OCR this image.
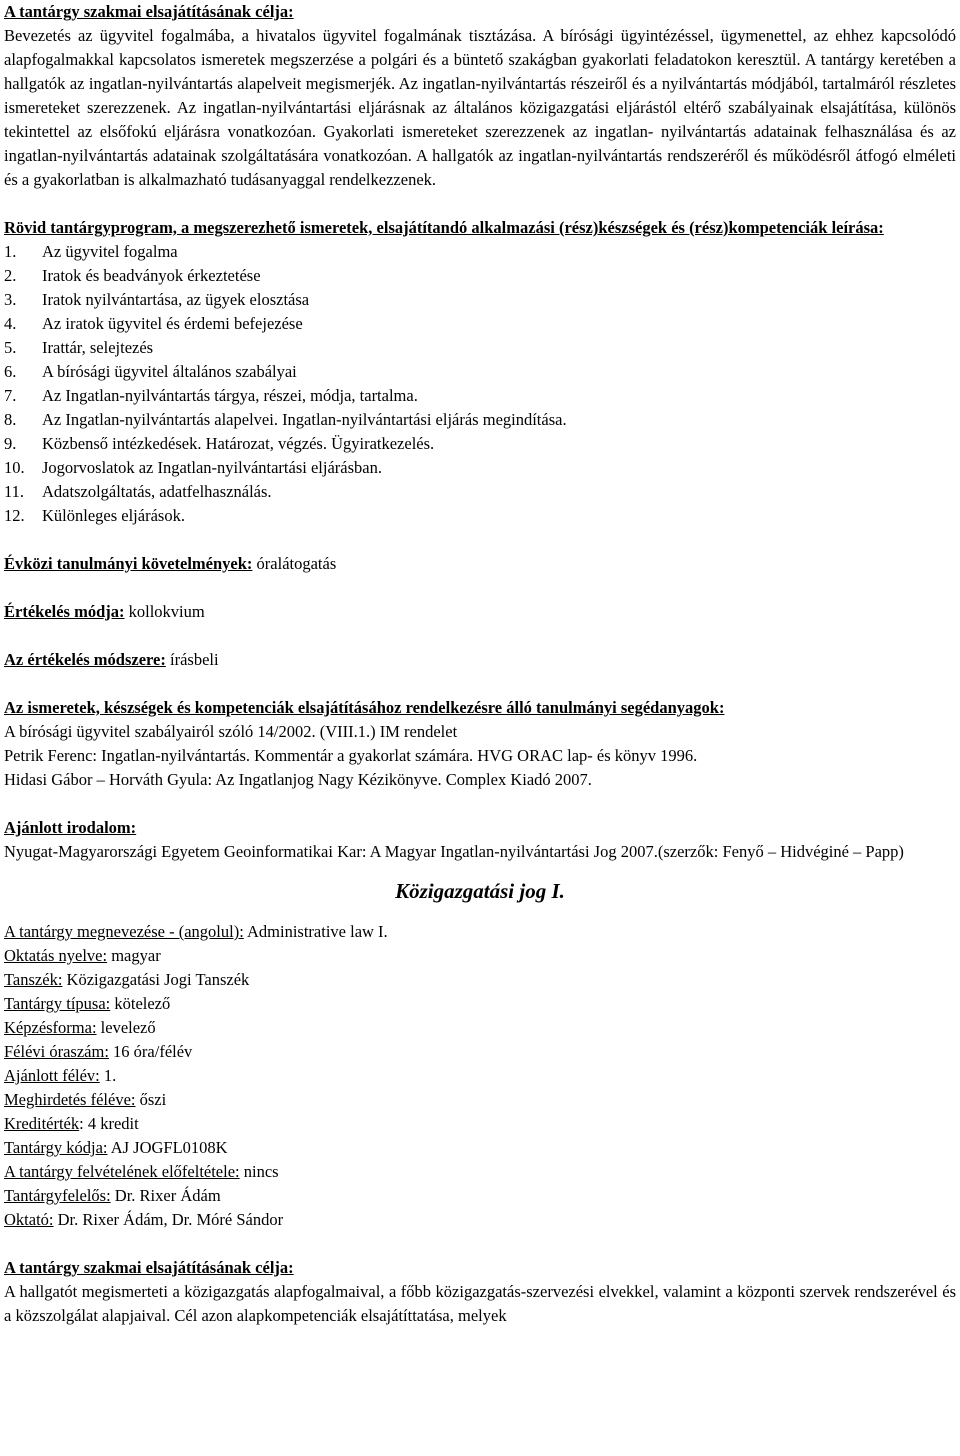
A tantárgy szakmai elsajátításának célja:

Bevezetés az ügyvitel fogalmába, a hivatalos ügyvitel fogalmának tisztázása. A bírósági ügyintézéssel, ügymenettel, az ehhez kapcsolódó alapfogalmakkal kapcsolatos ismeretek megszerzése a polgári és a büntető szakágban gyakorlati feladatokon keresztül. A tantárgy keretében a hallgatók az ingatlan-nyilvántartás alapelveit megismerjék. Az ingatlan-nyilvántartás részeiről és a nyilvántartás módjából, tartalmáról részletes ismereteket szerezzenek. Az ingatlan-nyilvántartási eljárásnak az általános közigazgatási eljárástól eltérő szabályainak elsajátítása, különös tekintettel az elsőfokú eljárásra vonatkozóan. Gyakorlati ismereteket szerezzenek az ingatlan- nyilvántartás adatainak felhasználása és az ingatlan-nyilvántartás adatainak szolgáltatására vonatkozóan. A hallgatók az ingatlan-nyilvántartás rendszeréről és működésről átfogó elméleti és a gyakorlatban is alkalmazható tudásanyaggal rendelkezzenek.

Rövid tantárgyprogram, a megszerezhető ismeretek, elsajátítandó alkalmazási (rész)készségek és (rész)kompetenciák leírása:

1.	Az ügyvitel fogalma
2.	Iratok és beadványok érkeztetése
3.	Iratok nyilvántartása, az ügyek elosztása
4.	Az iratok ügyvitel és érdemi befejezése
5.	Irattár, selejtezés
6.	A bírósági ügyvitel általános szabályai
7.	Az Ingatlan-nyilvántartás tárgya, részei, módja, tartalma.
8.	Az Ingatlan-nyilvántartás alapelvei. Ingatlan-nyilvántartási eljárás megindítása.
9.	Közbenső intézkedések. Határozat, végzés. Ügyiratkezelés.
10.	Jogorvoslatok az Ingatlan-nyilvántartási eljárásban.
11.	Adatszolgáltatás, adatfelhasználás.
12.	Különleges eljárások.

Évközi tanulmányi követelmények: óralátogatás

Értékelés módja: kollokvium

Az értékelés módszere: írásbeli

Az ismeretek, készségek és kompetenciák elsajátításához rendelkezésre álló tanulmányi segédanyagok:

A bírósági ügyvitel szabályairól szóló 14/2002. (VIII.1.) IM rendelet

Petrik Ferenc: Ingatlan-nyilvántartás. Kommentár a gyakorlat számára. HVG ORAC lap- és könyv 1996.

Hidasi Gábor – Horváth Gyula: Az Ingatlanjog Nagy Kézikönyve. Complex Kiadó 2007.

Ajánlott irodalom:

Nyugat-Magyarországi Egyetem Geoinformatikai Kar: A Magyar Ingatlan-nyilvántartási Jog 2007.(szerzők: Fenyő – Hidvéginé – Papp)

Közigazgatási jog I.

A tantárgy megnevezése - (angolul): Administrative law I.

Oktatás nyelve: magyar

Tanszék: Közigazgatási Jogi Tanszék

Tantárgy típusa: kötelező

Képzésforma: levelező

Félévi óraszám: 16 óra/félév

Ajánlott félév: 1.

Meghirdetés féléve: őszi

Kreditérték: 4 kredit

Tantárgy kódja: AJ JOGFL0108K

A tantárgy felvételének előfeltétele: nincs

Tantárgyfelelős: Dr. Rixer Ádám

Oktató: Dr. Rixer Ádám, Dr. Móré Sándor

A tantárgy szakmai elsajátításának célja:

A hallgatót megismerteti a közigazgatás alapfogalmaival, a főbb közigazgatás-szervezési elvekkel, valamint a központi szervek rendszerével és a közszolgálat alapjaival. Cél azon alapkompetenciák elsajátíttatása, melyek
